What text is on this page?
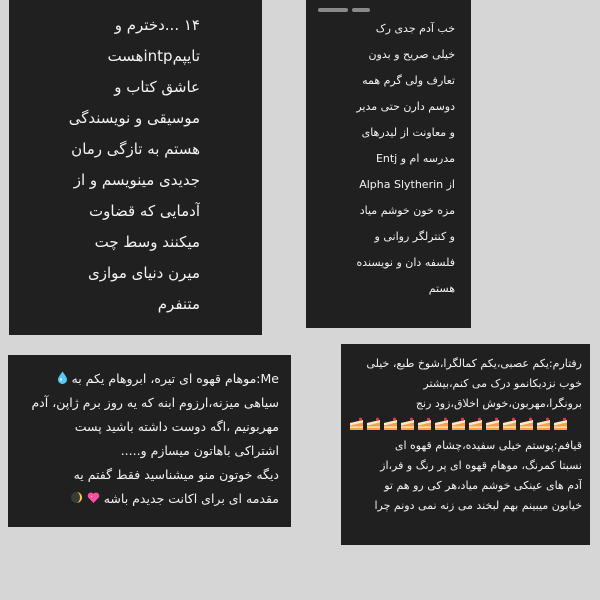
۱۴ ...دختر‌م و
تایپمintpهست
عاشق کتاب و
موسیقی و نویسندگی
هستم به تازگی رمان
جدیدی مینویسم و از
آدمایی که قضاوت
میکنند وسط چت
میرن دنیای موازی
متنفرم
خب آدم جدی رک
خیلی صریح و بدون
تعارف ولی گرم همه
دوسم دارن حتی مدیر
و معاونت از لیدرهای
مدرسه ام و Entj
Alpha Slytherin از
مزه خون خوشم میاد
و کنترلگر روانی و
فلسفه دان و نویسنده
هستم
Me:موهام قهوه ای تیره، ابروهام یکم به
سیاهی میزنه،ارزوم ابنه که یه روز برم ژاپن، آدم
مهربونیم ،اگه دوست داشته باشید پست
اشتراکی باهاتون میسازم و.....
دیگه خوتون منو میشناسید فقط گفتم یه
مقدمه ای برای اکانت جدیدم باشه
رفتارم:یکم عصبی،یکم کمالگرا،شوخ طبع، خیلی
خوب نزدیکانمو درک می کنم،بیشتر
برونگرا،مهربون،خوش اخلاق،زود رنج
قیافم:پوستم خیلی سفیده،چشام قهوه ای
نسبتا کمرنگ، موهام قهوه ای پر رنگ و فر،از
آدم های عینکی خوشم میاد،هر کی رو هم تو
خیابون میبینم بهم لبخند می زنه نمی دونم چرا
